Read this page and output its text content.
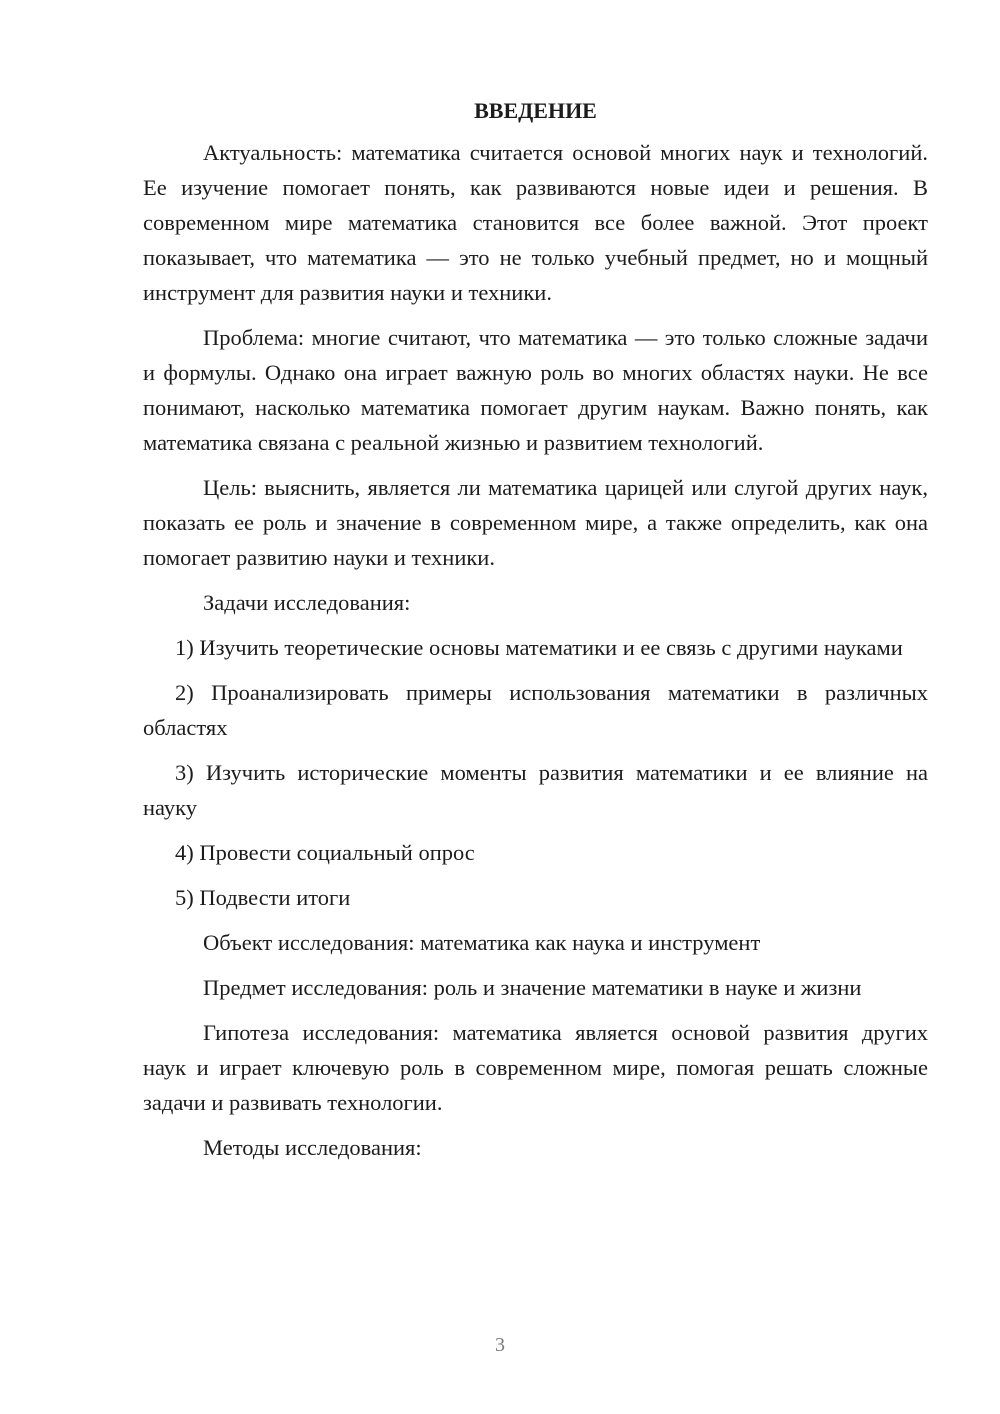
ВВЕДЕНИЕ

Актуальность: математика считается основой многих наук и технологий. Ее изучение помогает понять, как развиваются новые идеи и решения. В современном мире математика становится все более важной. Этот проект показывает, что математика — это не только учебный предмет, но и мощный инструмент для развития науки и техники.

Проблема: многие считают, что математика — это только сложные задачи и формулы. Однако она играет важную роль во многих областях науки. Не все понимают, насколько математика помогает другим наукам. Важно понять, как математика связана с реальной жизнью и развитием технологий.

Цель: выяснить, является ли математика царицей или слугой других наук, показать ее роль и значение в современном мире, а также определить, как она помогает развитию науки и техники.

Задачи исследования:

1) Изучить теоретические основы математики и ее связь с другими науками

2) Проанализировать примеры использования математики в различных областях

3) Изучить исторические моменты развития математики и ее влияние на науку

4) Провести социальный опрос

5) Подвести итоги

Объект исследования: математика как наука и инструмент

Предмет исследования: роль и значение математики в науке и жизни

Гипотеза исследования: математика является основой развития других наук и играет ключевую роль в современном мире, помогая решать сложные задачи и развивать технологии.

Методы исследования:

3
